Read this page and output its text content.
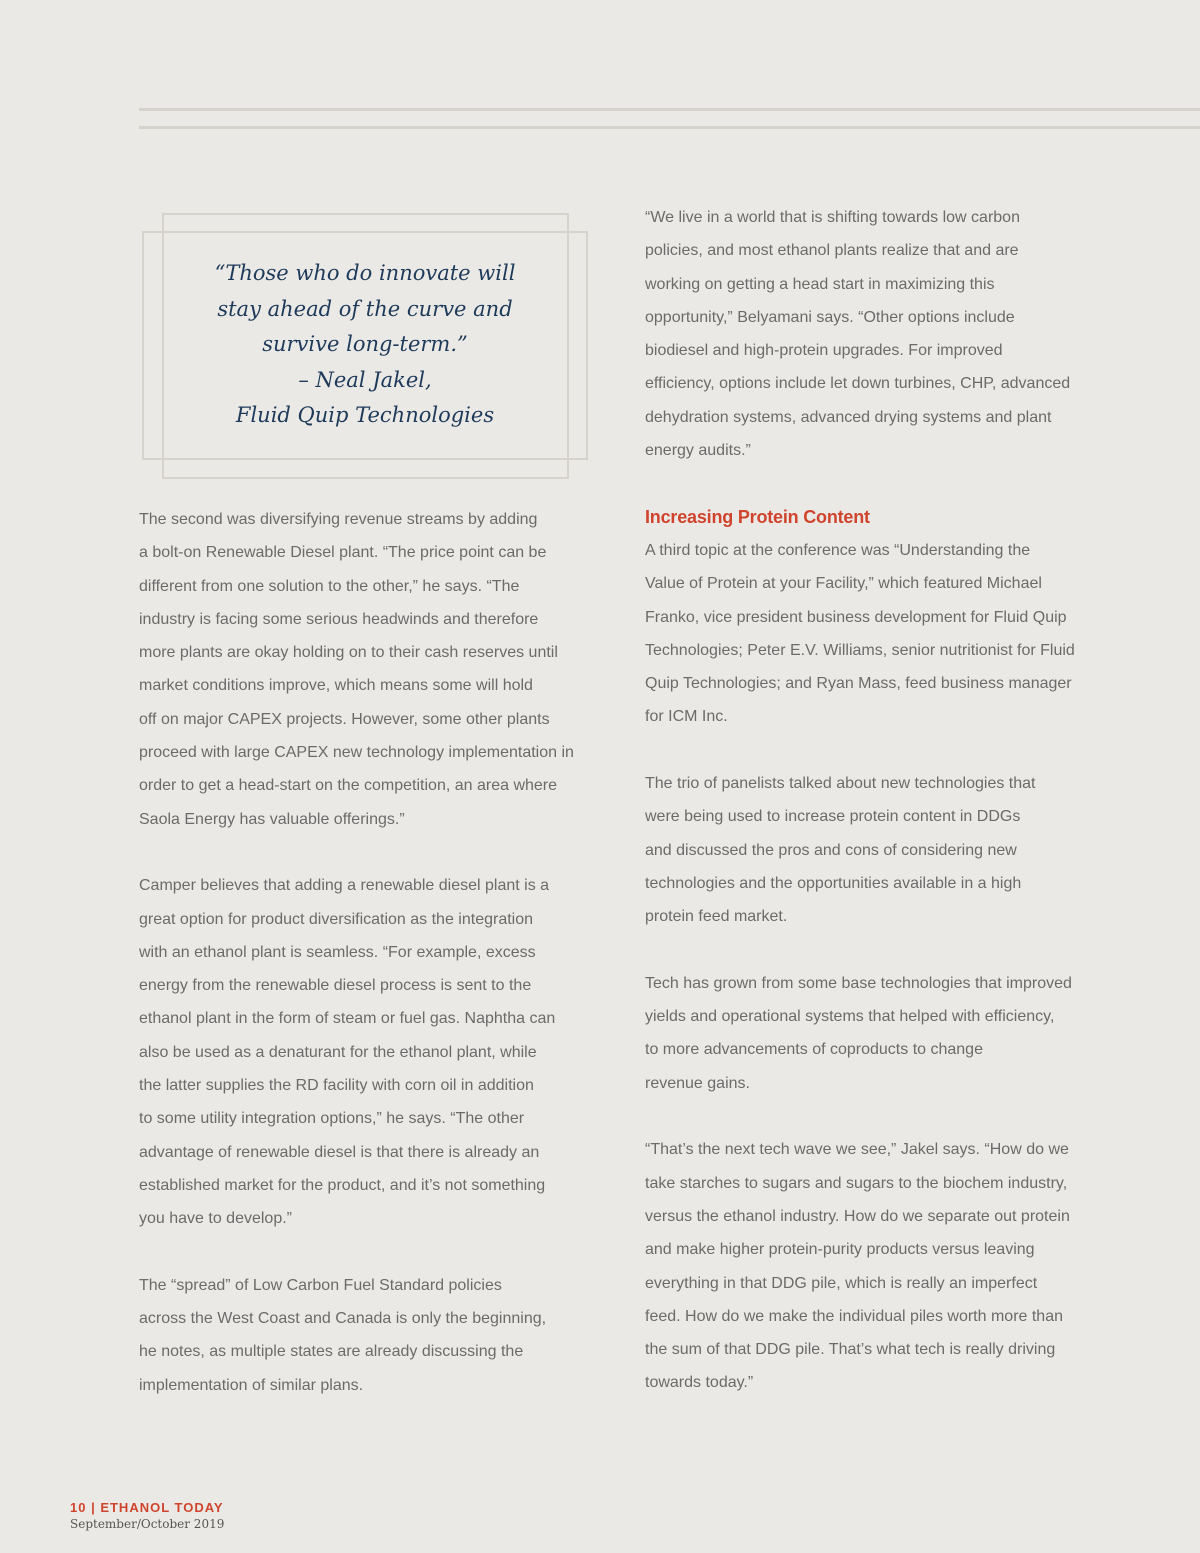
“Those who do innovate will
stay ahead of the curve and
survive long-term.”
– Neal Jakel,
Fluid Quip Technologies

The second was diversifying revenue streams by adding
a bolt-on Renewable Diesel plant. “The price point can be
different from one solution to the other,” he says. “The
industry is facing some serious headwinds and therefore
more plants are okay holding on to their cash reserves until
market conditions improve, which means some will hold
off on major CAPEX projects. However, some other plants
proceed with large CAPEX new technology implementation in
order to get a head-start on the competition, an area where
Saola Energy has valuable offerings.”

Camper believes that adding a renewable diesel plant is a
great option for product diversification as the integration
with an ethanol plant is seamless. “For example, excess
energy from the renewable diesel process is sent to the
ethanol plant in the form of steam or fuel gas. Naphtha can
also be used as a denaturant for the ethanol plant, while
the latter supplies the RD facility with corn oil in addition
to some utility integration options,” he says. “The other
advantage of renewable diesel is that there is already an
established market for the product, and it’s not something
you have to develop.”

The “spread” of Low Carbon Fuel Standard policies
across the West Coast and Canada is only the beginning,
he notes, as multiple states are already discussing the
implementation of similar plans.

“We live in a world that is shifting towards low carbon
policies, and most ethanol plants realize that and are
working on getting a head start in maximizing this
opportunity,” Belyamani says. “Other options include
biodiesel and high-protein upgrades. For improved
efficiency, options include let down turbines, CHP, advanced
dehydration systems, advanced drying systems and plant
energy audits.”

Increasing Protein Content

A third topic at the conference was “Understanding the
Value of Protein at your Facility,” which featured Michael
Franko, vice president business development for Fluid Quip
Technologies; Peter E.V. Williams, senior nutritionist for Fluid
Quip Technologies; and Ryan Mass, feed business manager
for ICM Inc.

The trio of panelists talked about new technologies that
were being used to increase protein content in DDGs
and discussed the pros and cons of considering new
technologies and the opportunities available in a high
protein feed market.

Tech has grown from some base technologies that improved
yields and operational systems that helped with efficiency,
to more advancements of coproducts to change
revenue gains.

“That’s the next tech wave we see,” Jakel says. “How do we
take starches to sugars and sugars to the biochem industry,
versus the ethanol industry. How do we separate out protein
and make higher protein-purity products versus leaving
everything in that DDG pile, which is really an imperfect
feed. How do we make the individual piles worth more than
the sum of that DDG pile. That’s what tech is really driving
towards today.”

10 | ETHANOL TODAY
September/October 2019
